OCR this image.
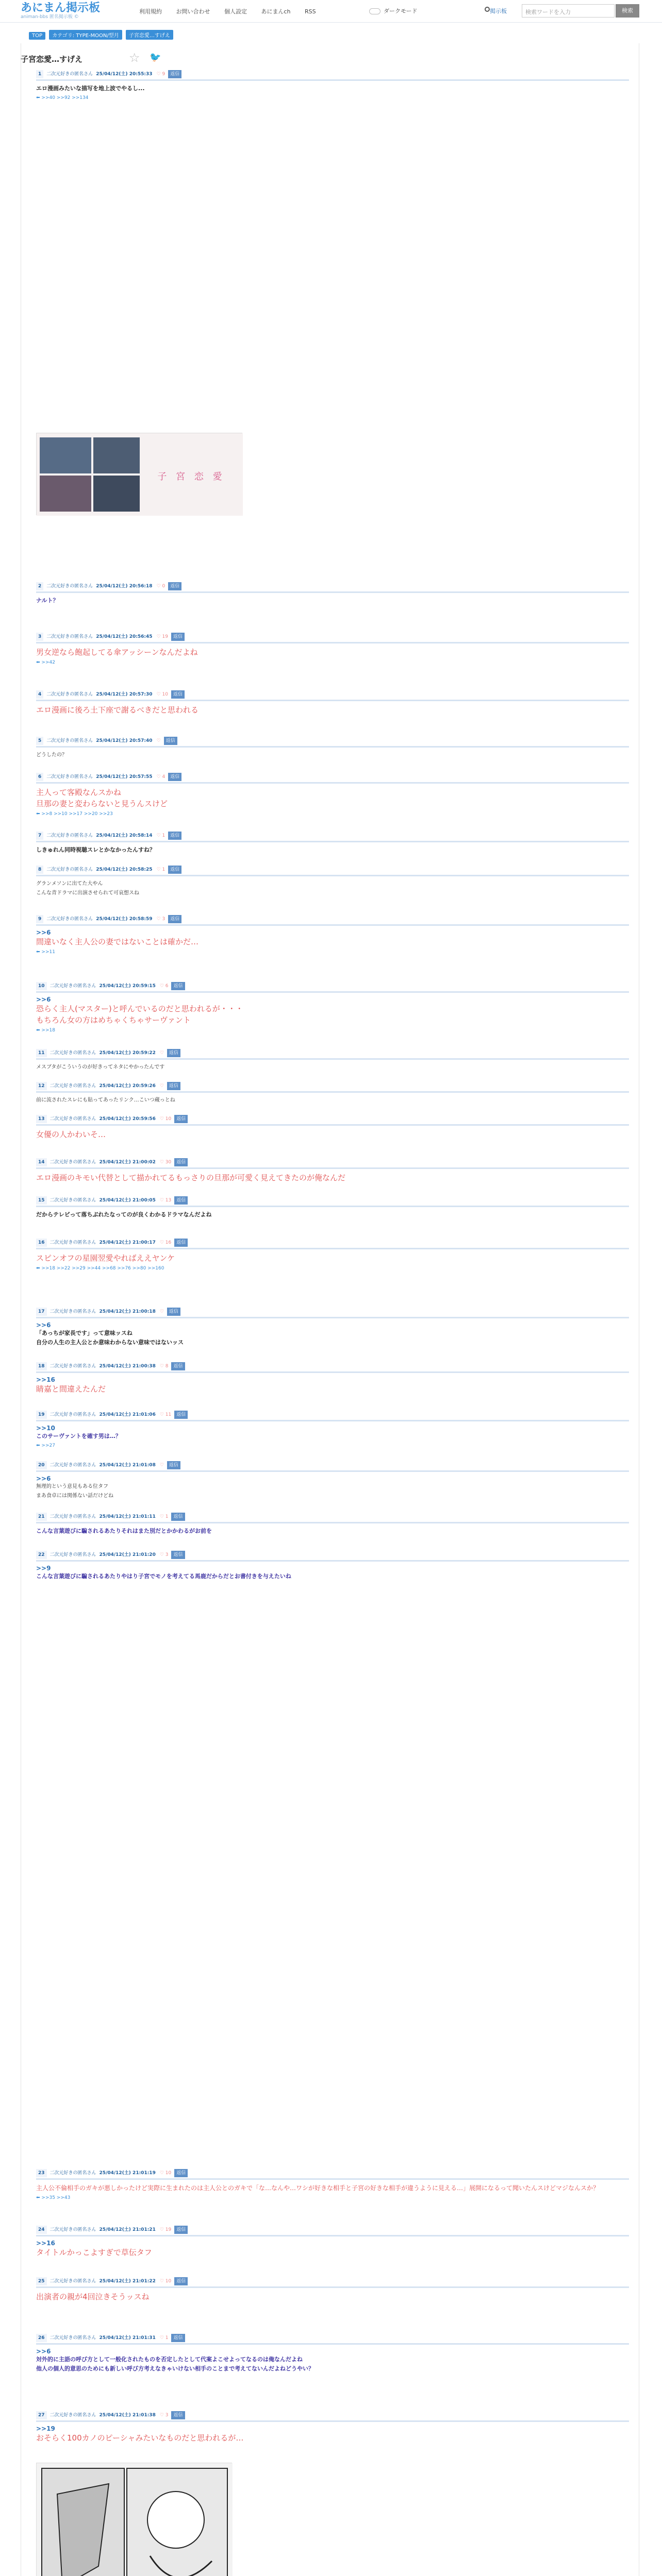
あにまん掲示板
animan-bbs 匿名掲示板 ©
利用規約	お問い合わせ	個人設定	あにまんch	RSS	ダークモード	掲示板	検索ワードを入力	検索
TOP カテゴリ: TYPE-MOON/型月 子宮恋愛…すげえ
子宮恋愛…すげえ	☆ 🐦
1 二次元好きの匿名さん 25/04/12(土) 20:55:33 ♡ 9 返信
エロ漫画みたいな描写を地上波でやるし...
⬅ >>40 >>92 >>134
2 二次元好きの匿名さん 25/04/12(土) 20:56:18 ♡ 0 返信
ナルト？
3 二次元好きの匿名さん 25/04/12(土) 20:56:45 ♡ 19 返信
男女逆なら飽起してる傘アッシーンなんだよね
⬅ >>42
4 二次元好きの匿名さん 25/04/12(土) 20:57:30 ♡ 10 返信
エロ漫画に後ろ土下座で謝るべきだと思われる
5 二次元好きの匿名さん 25/04/12(土) 20:57:40 ♡ 返信
どうしたの？
6 二次元好きの匿名さん 25/04/12(土) 20:57:55 ♡ 4 返信
主人って客殿なんスかね
旦那の妻と変わらないと見うんスけど
⬅ >>8 >>10 >>17 >>20 >>23
7 二次元好きの匿名さん 25/04/12(土) 20:58:14 ♡ 1 返信
しきゅれん同時視聴スレとかなかったんすね？
8 二次元好きの匿名さん 25/04/12(土) 20:58:25 ♡ 1 返信
グランメソンに出てた大やん
こんな青ドラマに出演させられて可哀想スね
9 二次元好きの匿名さん 25/04/12(土) 20:58:59 ♡ 3 返信
>>6
間違いなく主人公の妻ではないことは確かだ…
⬅ >>11
10 二次元好きの匿名さん 25/04/12(土) 20:59:15 ♡ 6 返信
>>6
恐らく主人(マスター)と呼んでいるのだと思われるが・・・
もちろん女の方はめちゃくちゃサーヴァント
⬅ >>18
11 二次元好きの匿名さん 25/04/12(土) 20:59:22 ♡ 返信
メスブタがこういうのが好きってネタにやかったんです
12 二次元好きの匿名さん 25/04/12(土) 20:59:26 ♡ 返信
前に流されたスレにも貼ってあったリンク…こいつ蔵っとね
13 二次元好きの匿名さん 25/04/12(土) 20:59:56 ♡ 10 返信
女優の人かわいそ…
14 二次元好きの匿名さん 25/04/12(土) 21:00:02 ♡ 30 返信
エロ漫画のキモい代替として描かれてるもっさりの旦那が可愛く見えてきたのが俺なんだ
15 二次元好きの匿名さん 25/04/12(土) 21:00:05 ♡ 13 返信
だからテレビって落ちぶれたなってのが良くわかるドラマなんだよね
16 二次元好きの匿名さん 25/04/12(土) 21:00:17 ♡ 16 返信
スピンオフの星園翌愛やればええヤンケ
⬅ >>18 >>22 >>29 >>44 >>68 >>76 >>80 >>160
17 二次元好きの匿名さん 25/04/12(土) 21:00:18 ♡ 返信
>>6
「あっちが家長です」って意味ッスね
自分の人生の主人公とか意味わからない意味ではないッス
18 二次元好きの匿名さん 25/04/12(土) 21:00:38 ♡ 8 返信
>>16
睛嘉と間違えたんだ
19 二次元好きの匿名さん 25/04/12(土) 21:01:06 ♡ 11 返信
>>10
このサーヴァントを確す男は…？
⬅ >>27
20 二次元好きの匿名さん 25/04/12(土) 21:01:08 ♡ 返信
>>6
無理的という意見もある位タフ
まあ食卓には関係ない話だけどね
21 二次元好きの匿名さん 25/04/12(土) 21:01:11 ♡ 1 返信
こんな言葉遊びに騙されるあたりそれはまた別だとかかわるがお前を
22 二次元好きの匿名さん 25/04/12(土) 21:01:20 ♡ 3 返信
>>9
こんな言葉遊びに騙されるあたりやはり子宮でモノを考えてる馬鹿だからだとお書付きを与えたいね
23 二次元好きの匿名さん 25/04/12(土) 21:01:19 ♡ 10 返信
主人公不倫相手のガキが悪しかったけど実際に生まれたのは主人公とのガキで「な…なんや…ワシが好きな相手と子宮の好きな相手が違うように見える…」展開になるって聞いたんスけどマジなんスか？
⬅ >>35 >>43
24 二次元好きの匿名さん 25/04/12(土) 21:01:21 ♡ 19 返信
>>16
タイトルかっこよすぎで草伝タフ
25 二次元好きの匿名さん 25/04/12(土) 21:01:22 ♡ 10 返信
出演者の親が4回泣きそうッスね
26 二次元好きの匿名さん 25/04/12(土) 21:01:31 ♡ 1 返信
>>6
対外的に主語の呼び方として一般化されたものを否定したとして代案よこせよってなるのは俺なんだよね
他人の個人的意思のためにも新しい呼び方考えなきゃいけない相手のことまで考えてないんだよねどうやい？
27 二次元好きの匿名さん 25/04/12(土) 21:01:38 ♡ 3 返信
>>19
おそらく100カノのピーシャみたいなものだと思われるが…
子 宮 恋 愛
